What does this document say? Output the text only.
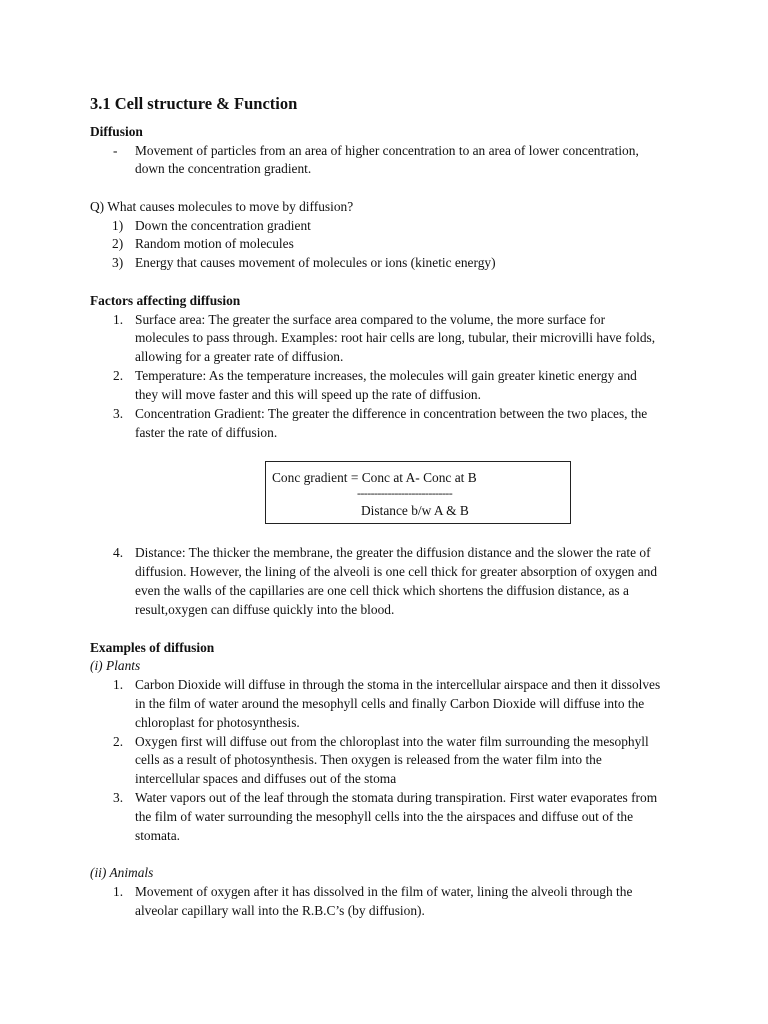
3.1 Cell structure & Function
Diffusion
- Movement of particles from an area of higher concentration to an area of lower concentration,
down the concentration gradient.
Q) What causes molecules to move by diffusion?
1) Down the concentration gradient
2) Random motion of molecules
3) Energy that causes movement of molecules or ions (kinetic energy)
Factors affecting diffusion
1. Surface area: The greater the surface area compared to the volume, the more surface for
molecules to pass through. Examples: root hair cells are long, tubular, their microvilli have folds,
allowing for a greater rate of diffusion.
2. Temperature: As the temperature increases, the molecules will gain greater kinetic energy and
they will move faster and this will speed up the rate of diffusion.
3. Concentration Gradient: The greater the difference in concentration between the two places, the
faster the rate of diffusion.
Conc gradient = Conc at A- Conc at B
----------------------------
Distance b/w A & B
4. Distance: The thicker the membrane, the greater the diffusion distance and the slower the rate of
diffusion. However, the lining of the alveoli is one cell thick for greater absorption of oxygen and
even the walls of the capillaries are one cell thick which shortens the diffusion distance, as a
result,oxygen can diffuse quickly into the blood.
Examples of diffusion
(i) Plants
1. Carbon Dioxide will diffuse in through the stoma in the intercellular airspace and then it dissolves
in the film of water around the mesophyll cells and finally Carbon Dioxide will diffuse into the
chloroplast for photosynthesis.
2. Oxygen first will diffuse out from the chloroplast into the water film surrounding the mesophyll
cells as a result of photosynthesis. Then oxygen is released from the water film into the
intercellular spaces and diffuses out of the stoma
3. Water vapors out of the leaf through the stomata during transpiration. First water evaporates from
the film of water surrounding the mesophyll cells into the the airspaces and diffuse out of the
stomata.
(ii) Animals
1. Movement of oxygen after it has dissolved in the film of water, lining the alveoli through the
alveolar capillary wall into the R.B.C’s (by diffusion).
